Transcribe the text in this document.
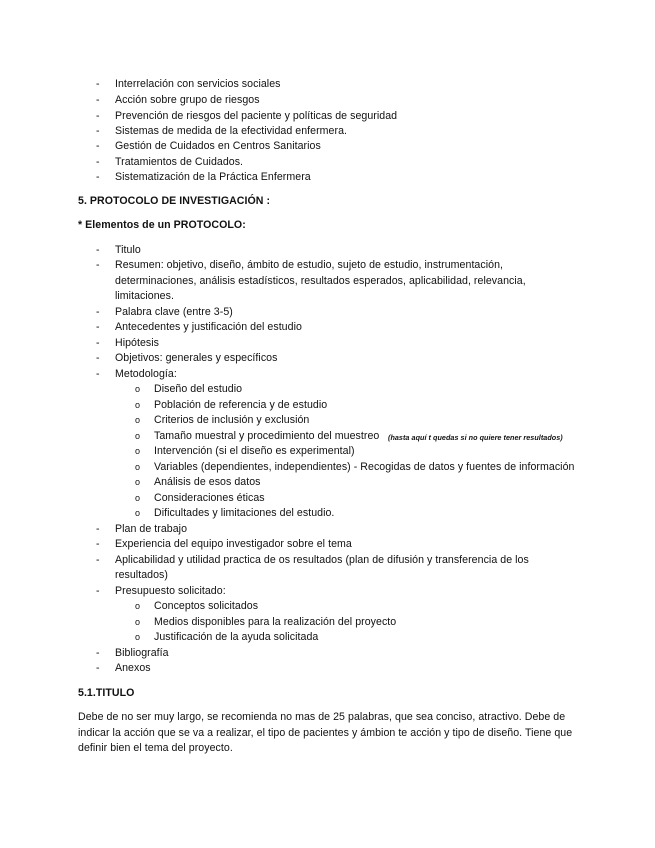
- Interrelación con servicios sociales
- Acción sobre grupo de riesgos
- Prevención de riesgos del paciente y políticas de seguridad
- Sistemas de medida de la efectividad enfermera.
- Gestión de Cuidados en Centros Sanitarios
- Tratamientos de Cuidados.
- Sistematización de la Práctica Enfermera
5. PROTOCOLO DE INVESTIGACIÓN :
* Elementos de un PROTOCOLO:
- Titulo
- Resumen: objetivo, diseño, ámbito de estudio, sujeto de estudio, instrumentación,
determinaciones, análisis estadísticos, resultados esperados, aplicabilidad, relevancia,
limitaciones.
- Palabra clave (entre 3-5)
- Antecedentes y justificación del estudio
- Hipótesis
- Objetivos: generales y específicos
- Metodología:
o Diseño del estudio
o Población de referencia y de estudio
o Criterios de inclusión y exclusión
o Tamaño muestral y procedimiento del muestreo (hasta aquí t quedas si no quiere tener resultados)
o Intervención (si el diseño es experimental)
o Variables (dependientes, independientes) - Recogidas de datos y fuentes de información
o Análisis de esos datos
o Consideraciones éticas
o Dificultades y limitaciones del estudio.
- Plan de trabajo
- Experiencia del equipo investigador sobre el tema
- Aplicabilidad y utilidad practica de os resultados (plan de difusión y transferencia de los
resultados)
- Presupuesto solicitado:
o Conceptos solicitados
o Medios disponibles para la realización del proyecto
o Justificación de la ayuda solicitada
- Bibliografía
- Anexos
5.1.TITULO
Debe de no ser muy largo, se recomienda no mas de 25 palabras, que sea conciso, atractivo. Debe de
indicar la acción que se va a realizar, el tipo de pacientes y ámbion te acción y tipo de diseño. Tiene que
definir bien el tema del proyecto.
